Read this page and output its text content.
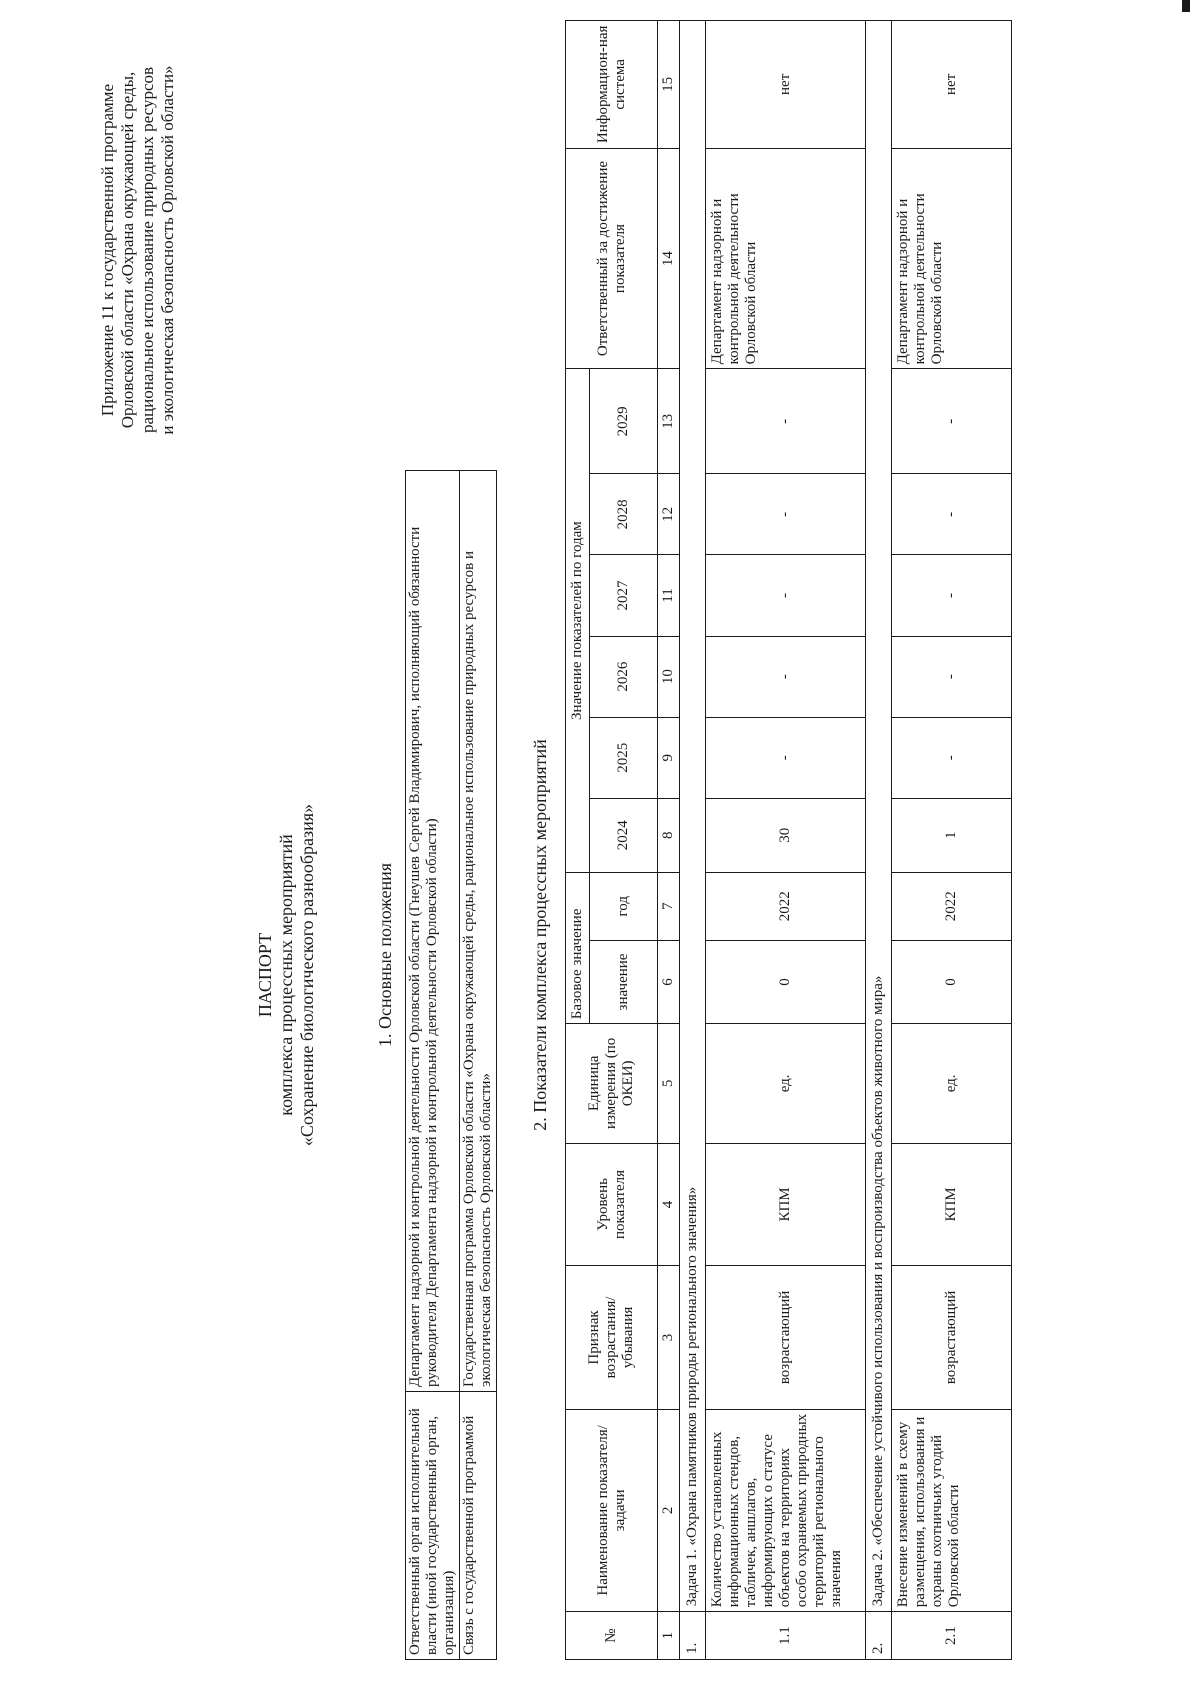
Приложение 11 к государственной программе Орловской области «Охрана окружающей среды, рациональное использование природных ресурсов и экологическая безопасность Орловской области»
ПАСПОРТ комплекса процессных мероприятий «Сохранение биологического разнообразия»	1. Основные положения
Ответственный орган исполнительной власти (иной государственный орган, организация)	Департамент надзорной и контрольной деятельности Орловской области (Гнеушев Сергей Владимирович, исполняющий обязанности руководителя Департамента надзорной и контрольной деятельности Орловской области)
Связь с государственной программой	Государственная программа Орловской области «Охрана окружающей среды, рациональное использование природных ресурсов и экологическая безопасность Орловской области»
2. Показатели комплекса процессных мероприятий
№	Наименование показателя/задачи	Признак возрастания/ убывания	Уровень показателя	Единица измерения (по ОКЕИ)	Базовое значение		Значение показателей по годам						Ответственный за достижение показателя	Информацион-ная система
					значение	год	2024	2025	2026	2027	2028	2029		
1	2	3	4	5	6	7	8	9	10	11	12	13	14	15
1.	Задача 1. «Охрана памятников природы регионального значения»													
1.1	Количество установленных информационных стендов, табличек, аншлагов, информирующих о статусе объектов на территориях особо охраняемых природных территорий регионального значения	возрастающий	КПМ	ед.	0	2022	30	-	-	-	-	-	Департамент надзорной и контрольной деятельности Орловской области	нет
2.	Задача 2. «Обеспечение устойчивого использования и воспроизводства объектов животного мира»													
2.1	Внесение изменений в схему размещения, использования и охраны охотничьих угодий Орловской области	возрастающий	КПМ	ед.	0	2022	1	-	-	-	-	-	Департамент надзорной и контрольной деятельности Орловской области	нет
